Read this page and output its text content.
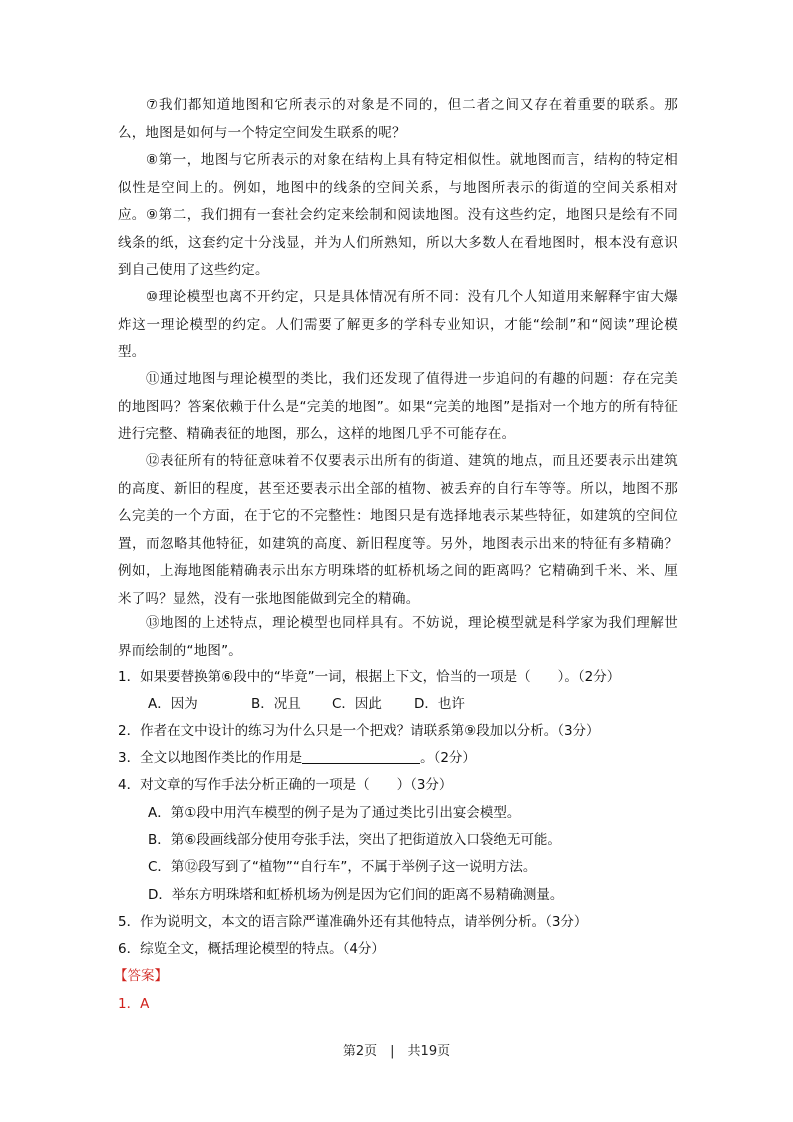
⑦我们都知道地图和它所表示的对象是不同的，但二者之间又存在着重要的联系。那么，地图是如何与一个特定空间发生联系的呢？

⑧第一，地图与它所表示的对象在结构上具有特定相似性。就地图而言，结构的特定相似性是空间上的。例如，地图中的线条的空间关系，与地图所表示的街道的空间关系相对应。 ⑨第二，我们拥有一套社会约定来绘制和阅读地图。没有这些约定，地图只是绘有不同线条的纸，这套约定十分浅显，并为人们所熟知，所以大多数人在看地图时，根本没有意识到自己使用了这些约定。

⑩理论模型也离不开约定，只是具体情况有所不同：没有几个人知道用来解释宇宙大爆炸这一理论模型的约定。人们需要了解更多的学科专业知识，才能“绘制”和“阅读”理论模型。

⑪通过地图与理论模型的类比，我们还发现了值得进一步追问的有趣的问题：存在完美的地图吗？答案依赖于什么是“完美的地图”。如果“完美的地图”是指对一个地方的所有特征进行完整、精确表征的地图，那么，这样的地图几乎不可能存在。

⑫表征所有的特征意味着不仅要表示出所有的街道、建筑的地点，而且还要表示出建筑的高度、新旧的程度，甚至还要表示出全部的植物、被丢弃的自行车等等。所以，地图不那么完美的一个方面，在于它的不完整性：地图只是有选择地表示某些特征，如建筑的空间位置，而忽略其他特征，如建筑的高度、新旧程度等。另外，地图表示出来的特征有多精确？例如，上海地图能精确表示出东方明珠塔的虹桥机场之间的距离吗？它精确到千米、米、厘米了吗？显然，没有一张地图能做到完全的精确。

⑬地图的上述特点，理论模型也同样具有。不妨说，理论模型就是科学家为我们理解世界而绘制的“地图”。

1．如果要替换第⑥段中的“毕竟”一词，根据上下文，恰当的一项是（　　）。（2分）

A．因为	B．况且 C．因此 D．也许

2．作者在文中设计的练习为什么只是一个把戏？请联系第⑨段加以分析。（3分）

3．全文以地图作类比的作用是	。（2分）

4．对文章的写作手法分析正确的一项是（　　）（3分）

A．第①段中用汽车模型的例子是为了通过类比引出宴会模型。
B．第⑥段画线部分使用夸张手法，突出了把街道放入口袋绝无可能。
C．第⑫段写到了“植物”“自行车”，不属于举例子这一说明方法。
D．举东方明珠塔和虹桥机场为例是因为它们间的距离不易精确测量。

5．作为说明文，本文的语言除严谨准确外还有其他特点，请举例分析。（3分）

6．综览全文，概括理论模型的特点。（4分）

【答案】

1．A

第2页　|　共19页
